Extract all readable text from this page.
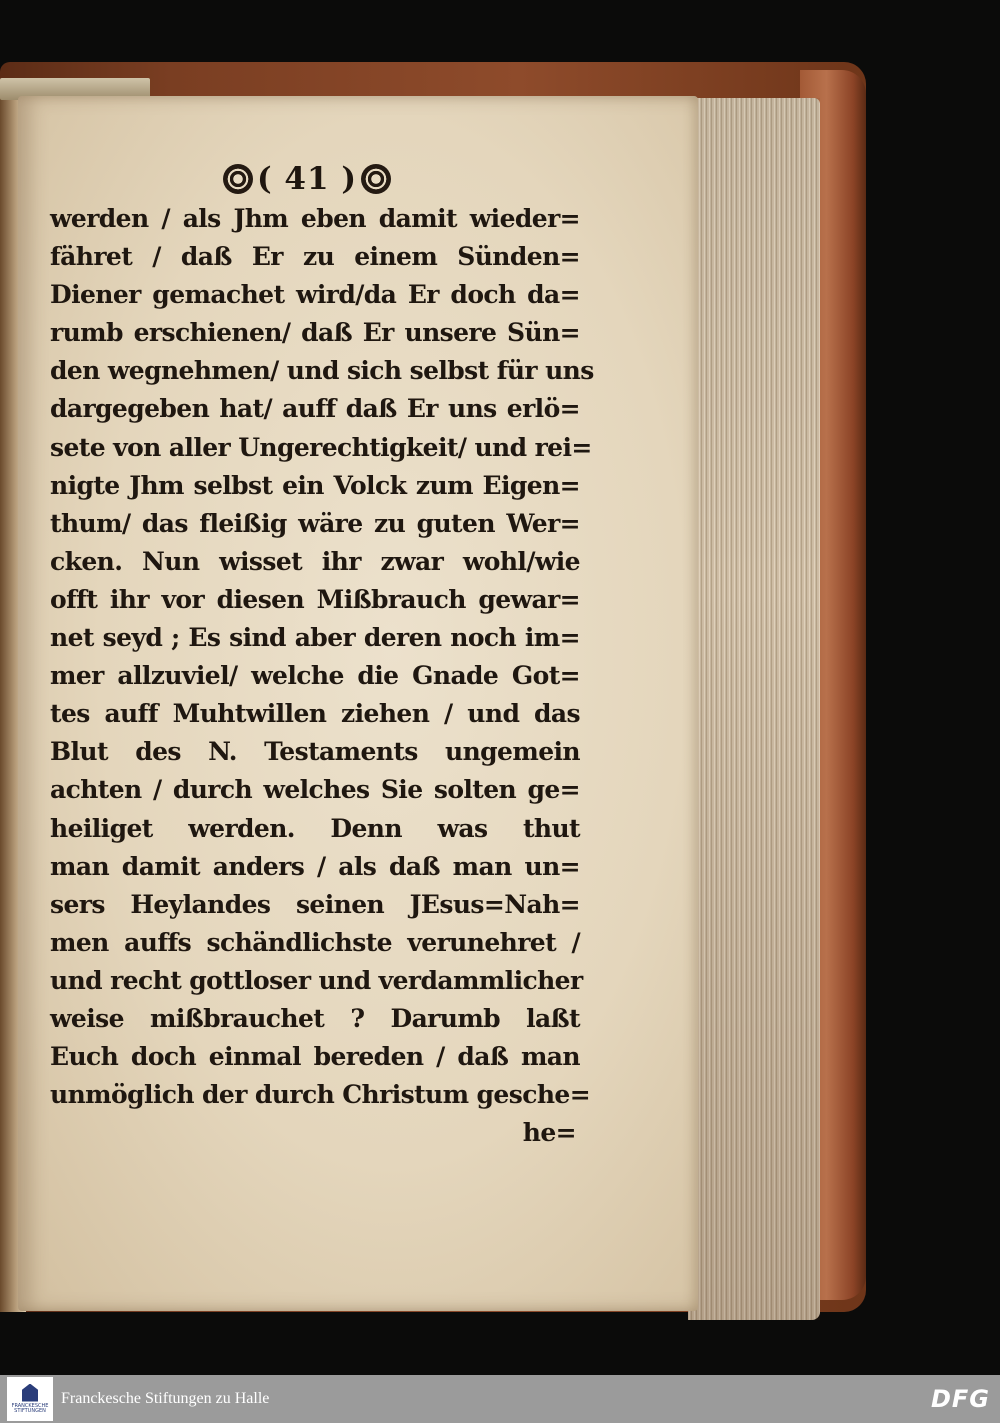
( 41 )
werden / als Jhm eben damit wieder=
fähret / daß Er zu einem Sünden=
Diener gemachet wird/da Er doch da=
rumb erschienen/ daß Er unsere Sün=
den wegnehmen/ und sich selbst für uns
dargegeben hat/ auff daß Er uns erlö=
sete von aller Ungerechtigkeit/ und rei=
nigte Jhm selbst ein Volck zum Eigen=
thum/ das fleißig wäre zu guten Wer=
cken. Nun wisset ihr zwar wohl/wie
offt ihr vor diesen Mißbrauch gewar=
net seyd ; Es sind aber deren noch im=
mer allzuviel/ welche die Gnade Got=
tes auff Muhtwillen ziehen / und das
Blut des N. Testaments ungemein
achten / durch welches Sie solten ge=
heiliget werden. Denn was thut
man damit anders / als daß man un=
sers Heylandes seinen JEsus=Nah=
men auffs schändlichste verunehret /
und recht gottloser und verdammlicher
weise mißbrauchet ? Darumb laßt
Euch doch einmal bereden / daß man
unmöglich der durch Christum gesche=
he=
FRANCKESCHE STIFTUNGEN
Franckesche Stiftungen zu Halle	DFG
